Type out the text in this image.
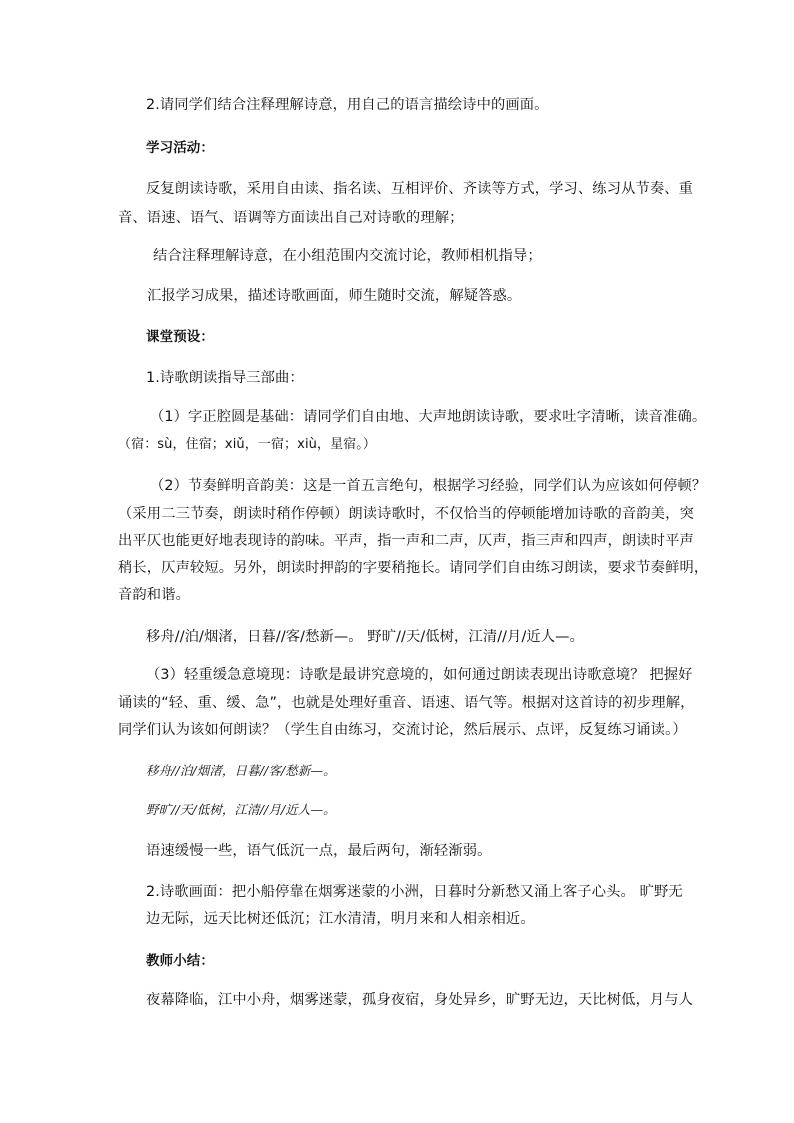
2.请同学们结合注释理解诗意，用自己的语言描绘诗中的画面。
学习活动：
反复朗读诗歌，采用自由读、指名读、互相评价、齐读等方式，学习、练习从节奏、重
音、语速、语气、语调等方面读出自己对诗歌的理解；
结合注释理解诗意，在小组范围内交流讨论，教师相机指导；
汇报学习成果，描述诗歌画面，师生随时交流，解疑答惑。
课堂预设：
1.诗歌朗读指导三部曲：
（1）字正腔圆是基础：请同学们自由地、大声地朗读诗歌，要求吐字清晰，读音准确。
（宿：sù，住宿；xiǔ，一宿；xiù，星宿。）
（2）节奏鲜明音韵美：这是一首五言绝句，根据学习经验，同学们认为应该如何停顿？
（采用二三节奏，朗读时稍作停顿）朗读诗歌时，不仅恰当的停顿能增加诗歌的音韵美，突
出平仄也能更好地表现诗的韵味。平声，指一声和二声，仄声，指三声和四声，朗读时平声
稍长，仄声较短。另外，朗读时押韵的字要稍拖长。请同学们自由练习朗读，要求节奏鲜明，
音韵和谐。
移舟//泊/烟渚，日暮//客/愁新—。 野旷//天/低树，江清//月/近人—。
（3）轻重缓急意境现：诗歌是最讲究意境的，如何通过朗读表现出诗歌意境？ 把握好
诵读的“轻、重、缓、急”，也就是处理好重音、语速、语气等。根据对这首诗的初步理解，
同学们认为该如何朗读？（学生自由练习，交流讨论，然后展示、点评，反复练习诵读。）
移舟//泊/烟渚，日暮//客/愁新—。
野旷//天/低树，江清//月/近人—。
语速缓慢一些，语气低沉一点，最后两句，渐轻渐弱。
2.诗歌画面：把小船停靠在烟雾迷蒙的小洲，日暮时分新愁又涌上客子心头。 旷野无
边无际，远天比树还低沉；江水清清，明月来和人相亲相近。
教师小结：
夜幕降临，江中小舟，烟雾迷蒙，孤身夜宿，身处异乡，旷野无边，天比树低，月与人
